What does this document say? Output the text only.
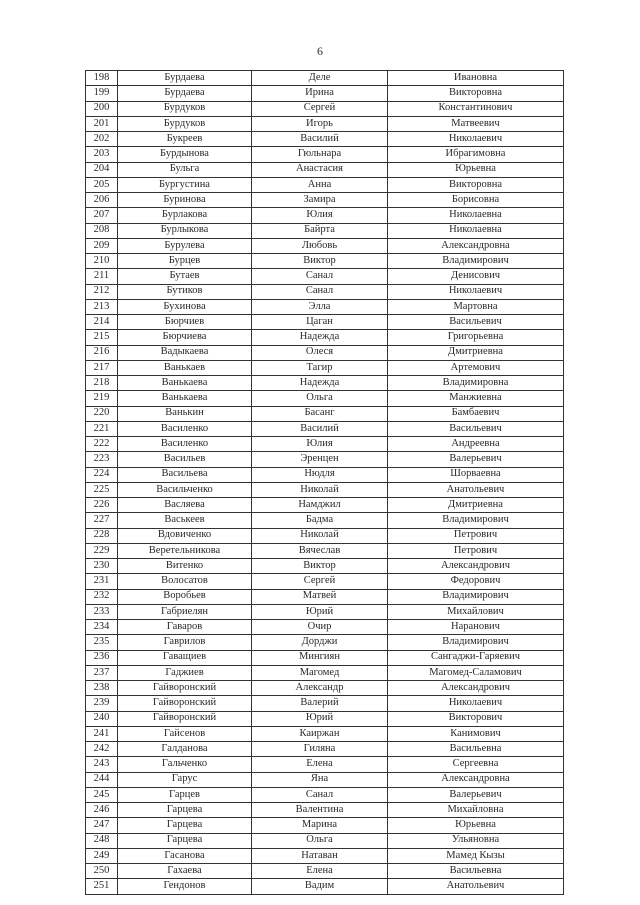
6
198	Бурдаева	Деле	Ивановна
199	Бурдаева	Ирина	Викторовна
200	Бурдуков	Сергей	Константинович
201	Бурдуков	Игорь	Матвеевич
202	Букреев	Василий	Николаевич
203	Бурдынова	Гюльнара	Ибрагимовна
204	Бульга	Анастасия	Юрьевна
205	Бургустина	Анна	Викторовна
206	Буринова	Замира	Борисовна
207	Бурлакова	Юлия	Николаевна
208	Бурлыкова	Байрта	Николаевна
209	Бурулева	Любовь	Александровна
210	Бурцев	Виктор	Владимирович
211	Бутаев	Санал	Денисович
212	Бутиков	Санал	Николаевич
213	Бухинова	Элла	Мартовна
214	Бюрчиев	Цаган	Васильевич
215	Бюрчиева	Надежда	Григорьевна
216	Вадыкаева	Олеся	Дмитриевна
217	Ванькаев	Тагир	Артемович
218	Ванькаева	Надежда	Владимировна
219	Ванькаева	Ольга	Манжиевна
220	Ванькин	Басанг	Бамбаевич
221	Василенко	Василий	Васильевич
222	Василенко	Юлия	Андреевна
223	Васильев	Эренцен	Валерьевич
224	Васильева	Нюдля	Шорваевна
225	Васильченко	Николай	Анатольевич
226	Васляева	Намджил	Дмитриевна
227	Васькеев	Бадма	Владимирович
228	Вдовиченко	Николай	Петрович
229	Веретельникова	Вячеслав	Петрович
230	Витенко	Виктор	Александрович
231	Волосатов	Сергей	Федорович
232	Воробьев	Матвей	Владимирович
233	Габриелян	Юрий	Михайлович
234	Гаваров	Очир	Наранович
235	Гаврилов	Дорджи	Владимирович
236	Гаващиев	Мингиян	Сангаджи-Гаряевич
237	Гаджиев	Магомед	Магомед-Саламович
238	Гайворонский	Александр	Александрович
239	Гайворонский	Валерий	Николаевич
240	Гайворонский	Юрий	Викторович
241	Гайсенов	Каиржан	Канимович
242	Галданова	Гиляна	Васильевна
243	Гальченко	Елена	Сергеевна
244	Гарус	Яна	Александровна
245	Гарцев	Санал	Валерьевич
246	Гарцева	Валентина	Михайловна
247	Гарцева	Марина	Юрьевна
248	Гарцева	Ольга	Ульяновна
249	Гасанова	Натаван	Мамед Кызы
250	Гахаева	Елена	Васильевна
251	Гендонов	Вадим	Анатольевич
